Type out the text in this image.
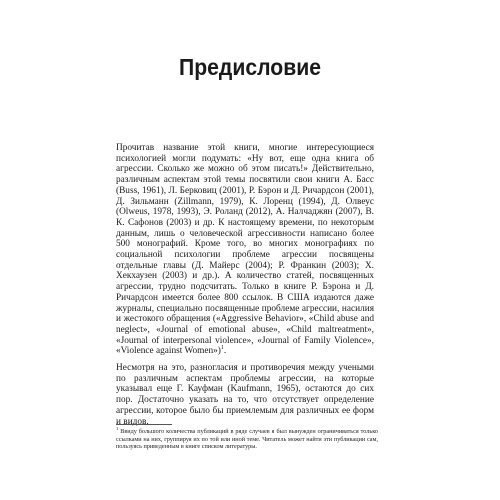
Предисловие

Прочитав название этой книги, многие интересующиеся психологией могли подумать: «Ну вот, еще одна книга об агрессии. Сколько же можно об этом писать!» Действительно, различным аспектам этой темы посвятили свои книги А. Басс (Buss, 1961), Л. Берковиц (2001), Р. Бэрон и Д. Ричардсон (2001), Д. Зильманн (Zillmann, 1979), К. Лоренц (1994), Д. Олвеус (Olweus, 1978, 1993), Э. Роланд (2012), А. Налчаджян (2007), В. К. Сафонов (2003) и др. К настоящему времени, по некоторым данным, лишь о человеческой агрессивности написано более 500 монографий. Кроме того, во многих монографиях по социальной психологии проблеме агрессии посвящены отдельные главы (Д. Майерс (2004); Р. Франкин (2003); Х. Хекхаузен (2003) и др.). А количество статей, посвященных агрессии, трудно подсчитать. Только в книге Р. Бэрона и Д. Ричардсон имеется более 800 ссылок. В США издаются даже журналы, специально посвященные проблеме агрессии, насилия и жестокого обращения («Aggressive Behavior», «Child abuse and neglect», «Journal of emotional abuse», «Child maltreatment», «Journal of interpersonal violence», «Journal of Family Violence», «Violence against Women»)$^1$.

Несмотря на это, разногласия и противоречия между учеными по различным аспектам проблемы агрессии, на которые указывал еще Г. Кауфман (Kaufmann, 1965), остаются до сих пор. Достаточно указать на то, что отсутствует определение агрессии, которое было бы приемлемым для различных ее форм и видов.

$^1$ Ввиду большого количества публикаций в ряде случаев я был вынужден ограничиваться только ссылками на них, группируя их по той или иной теме. Читатель может найти эти публикации сам, пользуясь приведенным в книге списком литературы.
